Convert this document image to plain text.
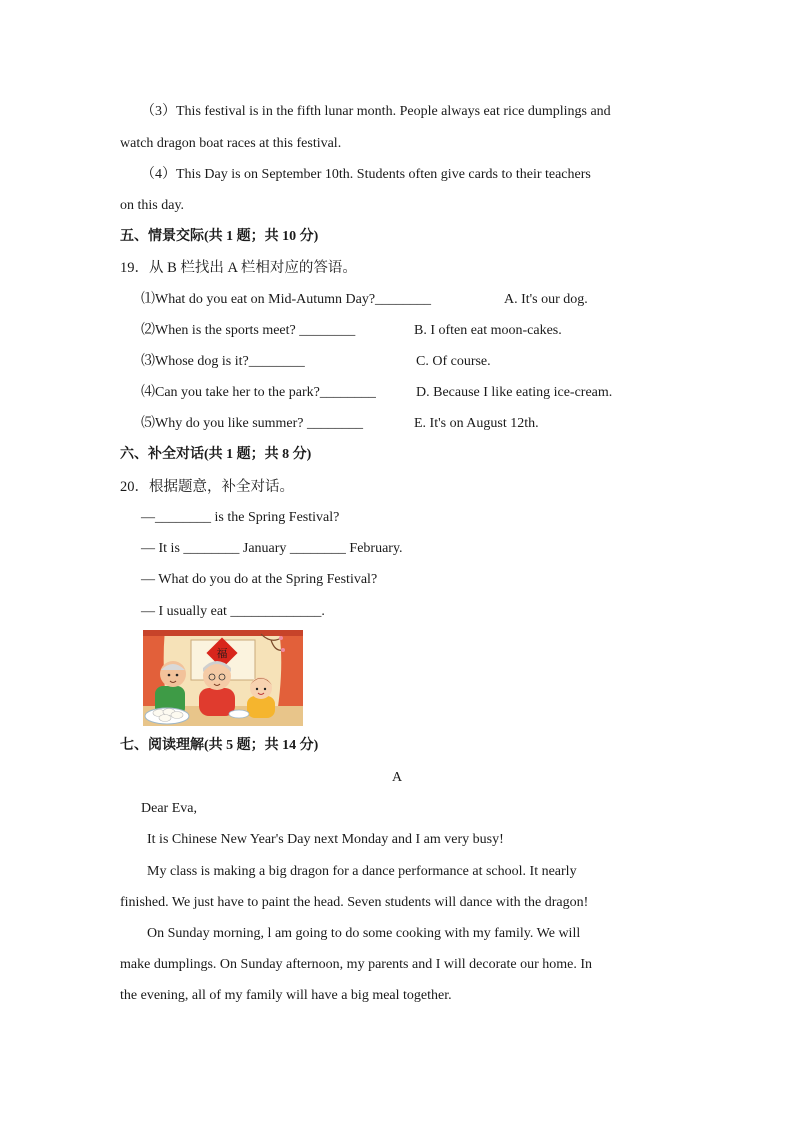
（3）This festival is in the fifth lunar month. People always eat rice dumplings and
watch dragon boat races at this festival.
（4）This Day is on September 10th. Students often give cards to their teachers
on this day.
五、情景交际(共 1 题；共 10 分)
19．从 B 栏找出 A 栏相对应的答语。
⑴What do you eat on Mid-Autumn Day?________	A. It's our dog.
⑵When is the sports meet? ________	B. I often eat moon-cakes.
⑶Whose dog is it?________	C. Of course.
⑷Can you take her to the park?________	D. Because I like eating ice-cream.
⑸Why do you like summer? ________	E. It's on August 12th.
六、补全对话(共 1 题；共 8 分)
20．根据题意，补全对话。
—________ is the Spring Festival?
— It is ________ January ________ February.
— What do you do at the Spring Festival?
— I usually eat _____________.
福
七、阅读理解(共 5 题；共 14 分)
A
Dear Eva,
It is Chinese New Year's Day next Monday and I am very busy!
My class is making a big dragon for a dance performance at school. It nearly
finished. We just have to paint the head. Seven students will dance with the dragon!
On Sunday morning, l am going to do some cooking with my family. We will
make dumplings. On Sunday afternoon, my parents and I will decorate our home. In
the evening, all of my family will have a big meal together.
